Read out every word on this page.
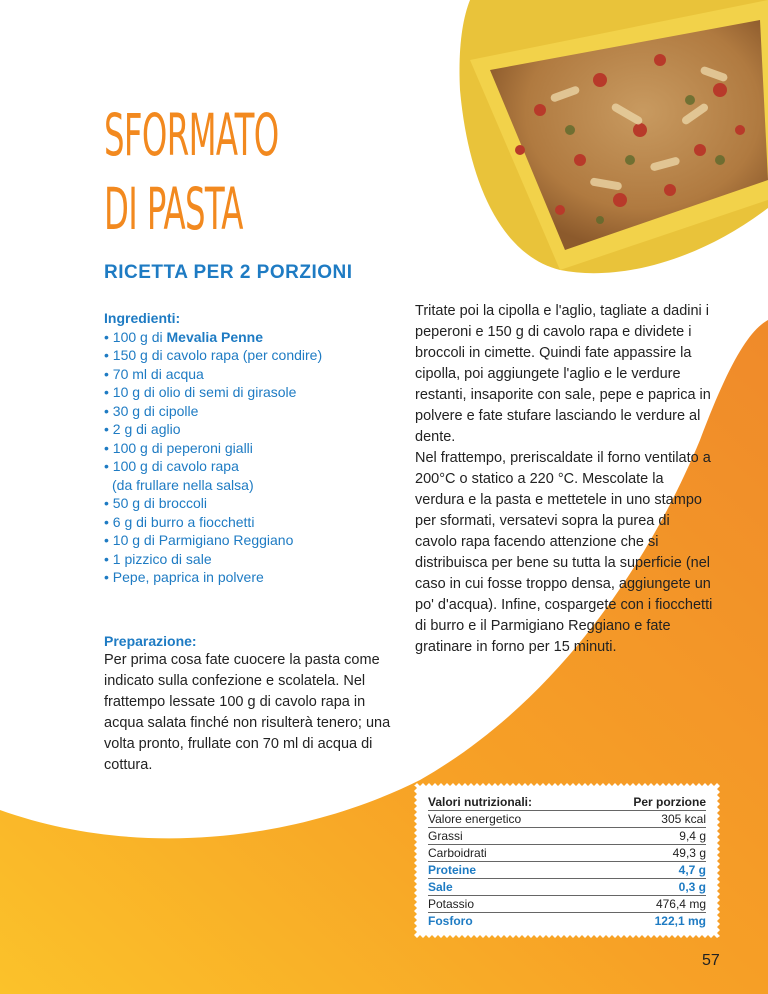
SFORMATO
DI PASTA
RICETTA PER 2 PORZIONI

Ingredienti:

• 100 g di Mevalia Penne
• 150 g di cavolo rapa (per condire)
• 70 ml di acqua
• 10 g di olio di semi di girasole
• 30 g di cipolle
• 2 g di aglio
• 100 g di peperoni gialli
• 100 g di cavolo rapa
(da frullare nella salsa)
• 50 g di broccoli
• 6 g di burro a fiocchetti
• 10 g di Parmigiano Reggiano
• 1 pizzico di sale
• Pepe, paprica in polvere

Preparazione:

Per prima cosa fate cuocere la pasta come indicato sulla confezione e scolatela. Nel frattempo lessate 100 g di cavolo rapa in acqua salata finché non risulterà tenero; una volta pronto, frullate con 70 ml di acqua di cottura.

Tritate poi la cipolla e l'aglio, tagliate a dadini i peperoni e 150 g di cavolo rapa e dividete i broccoli in cimette. Quindi fate appassire la cipolla, poi aggiungete l'aglio e le verdure restanti, insaporite con sale, pepe e paprica in polvere e fate stufare lasciando le verdure al dente.
Nel frattempo, preriscaldate il forno ventilato a 200°C o statico a 220 °C. Mescolate la verdura e la pasta e mettetele in uno stampo per sformati, versatevi sopra la purea di cavolo rapa facendo attenzione che si distribuisca per bene su tutta la superficie (nel caso in cui fosse troppo densa, aggiungete un po' d'acqua). Infine, cospargete con i fiocchetti di burro e il Parmigiano Reggiano e fate gratinare in forno per 15 minuti.
Valori nutrizionali:	Per porzione
Valore energetico	305 kcal
Grassi	9,4 g
Carboidrati	49,3 g
Proteine	4,7 g
Sale	0,3 g
Potassio	476,4 mg
Fosforo	122,1 mg

57
